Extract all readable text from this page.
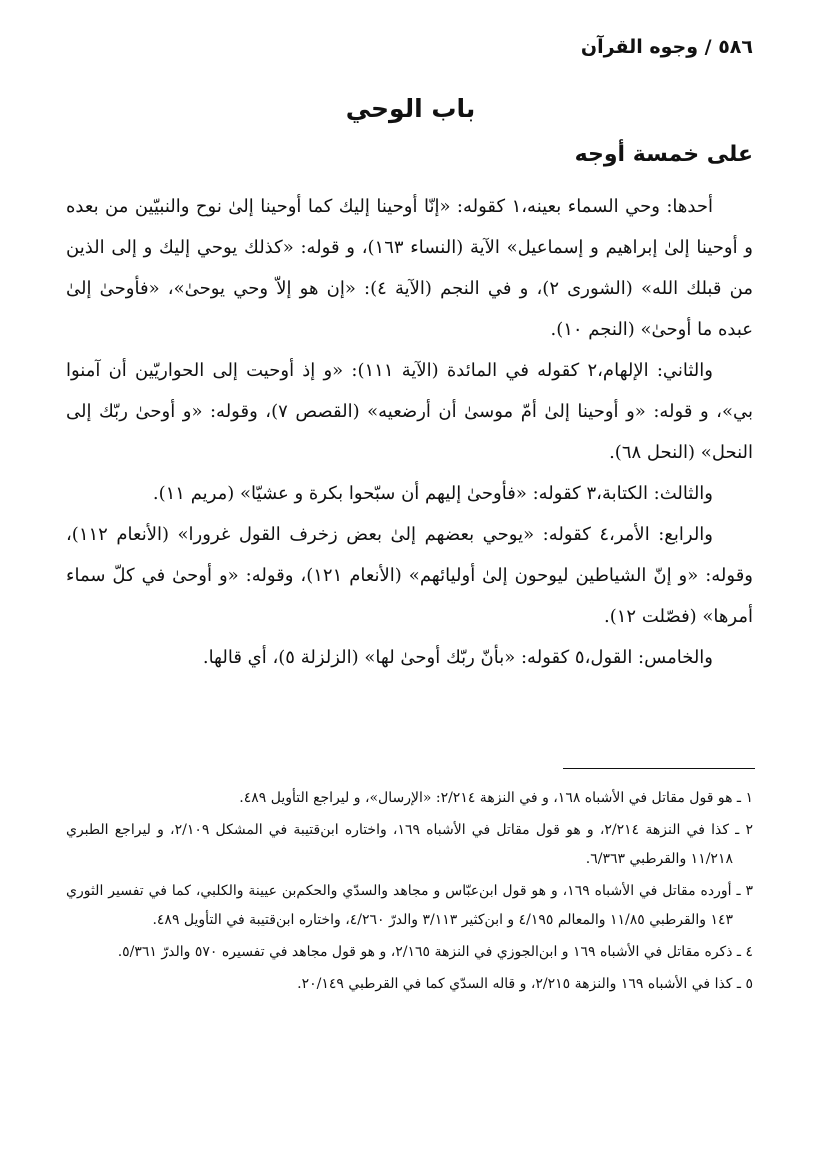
٥٨٦ / وجوه القرآن
باب الوحي
على خمسة أوجه

أحدها: وحي السماء بعينه،١ كقوله: «إنّا أوحينا إليك كما أوحينا إلىٰ نوح والنبيّين من بعده و أوحينا إلىٰ إبراهيم و إسماعيل» الآية (النساء ١٦٣)، و قوله: «كذلك يوحي إليك و إلى الذين من قبلك الله» (الشورى ٢)، و في النجم (الآية ٤): «إن هو إلاّ وحي يوحىٰ»، «فأوحىٰ إلىٰ عبده ما أوحىٰ» (النجم ١٠).

والثاني: الإلهام،٢ كقوله في المائدة (الآية ١١١): «و إذ أوحيت إلى الحواريّين أن آمنوا بي»، و قوله: «و أوحينا إلىٰ أمّ موسىٰ أن أرضعيه» (القصص ٧)، وقوله: «و أوحىٰ ربّك إلى النحل» (النحل ٦٨).

والثالث: الكتابة،٣ كقوله: «فأوحىٰ إليهم أن سبّحوا بكرة و عشيّا» (مريم ١١).

والرابع: الأمر،٤ كقوله: «يوحي بعضهم إلىٰ بعض زخرف القول غرورا» (الأنعام ١١٢)، وقوله: «و إنّ الشياطين ليوحون إلىٰ أوليائهم» (الأنعام ١٢١)، وقوله: «و أوحىٰ في كلّ سماء أمرها» (فصّلت ١٢).

والخامس: القول،٥ كقوله: «بأنّ ربّك أوحىٰ لها» (الزلزلة ٥)، أي قالها.

١ ـ هو قول مقاتل في الأشباه ١٦٨، و في النزهة ٢/٢١٤: «الإرسال»، و ليراجع التأويل ٤٨٩.

٢ ـ كذا في النزهة ٢/٢١٤، و هو قول مقاتل في الأشباه ١٦٩، واختاره ابن‌قتيبة في المشكل ٢/١٠٩، و ليراجع الطبري ١١/٢١٨ والقرطبي ٦/٣٦٣.

٣ ـ أورده مقاتل في الأشباه ١٦٩، و هو قول ابن‌عبّاس و مجاهد والسدّي والحكم‌بن عيينة والكلبي، كما في تفسير الثوري ١٤٣ والقرطبي ١١/٨٥ والمعالم ٤/١٩٥ و ابن‌كثير ٣/١١٣ والدرّ ٤/٢٦٠، واختاره ابن‌قتيبة في التأويل ٤٨٩.

٤ ـ ذكره مقاتل في الأشباه ١٦٩ و ابن‌الجوزي في النزهة ٢/١٦٥، و هو قول مجاهد في تفسيره ٥٧٠ والدرّ ٥/٣٦١.

٥ ـ كذا في الأشباه ١٦٩ والنزهة ٢/٢١٥، و قاله السدّي كما في القرطبي ٢٠/١٤٩.
